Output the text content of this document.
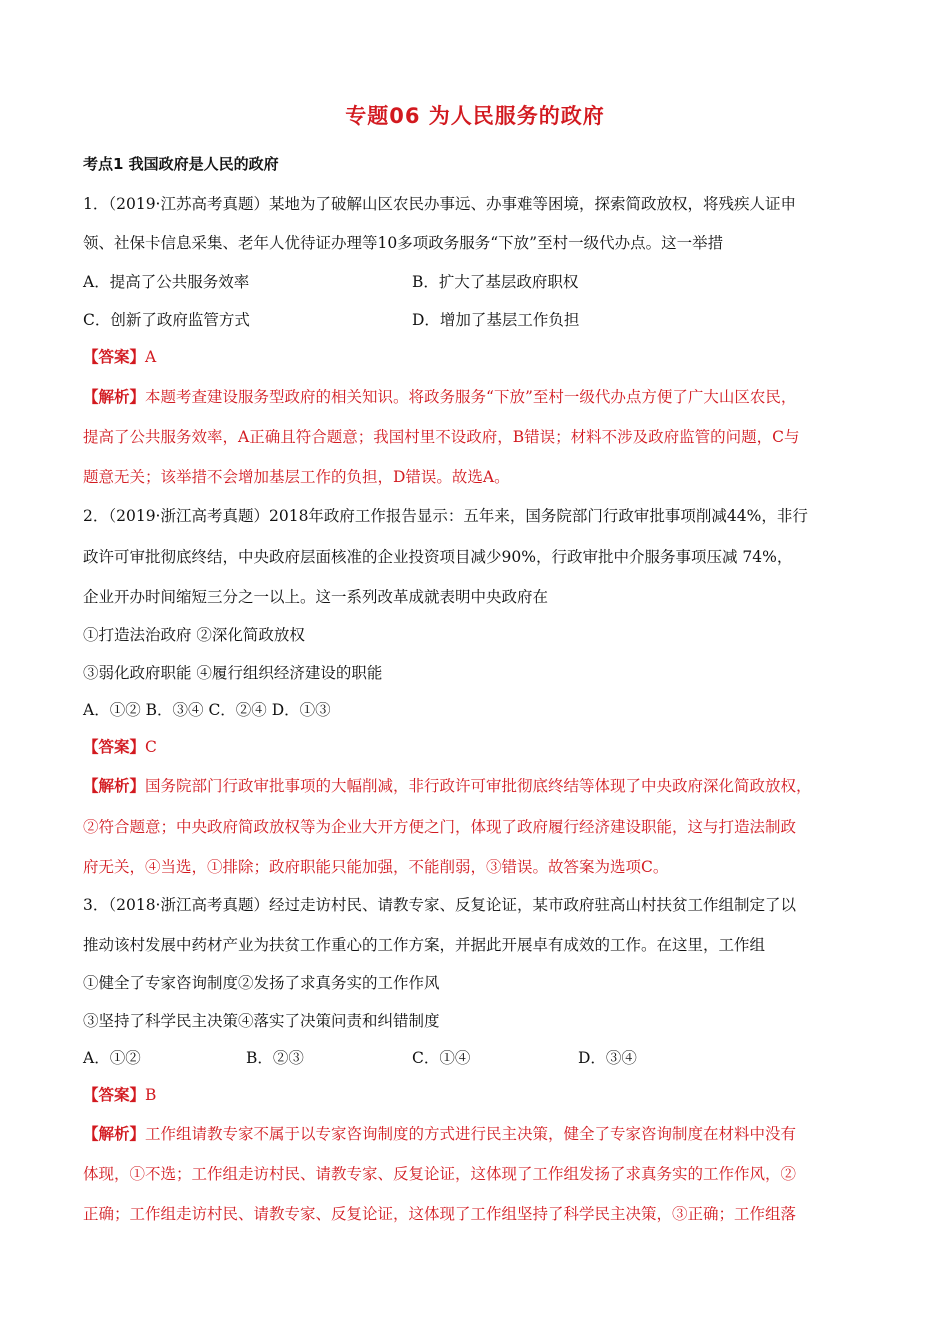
专题06 为人民服务的政府
考点1 我国政府是人民的政府
1．（2019·江苏高考真题）某地为了破解山区农民办事远、办事难等困境，探索简政放权，将残疾人证申
领、社保卡信息采集、老年人优待证办理等10多项政务服务“下放”至村一级代办点。这一举措
A．提高了公共服务效率	B．扩大了基层政府职权
C．创新了政府监管方式	D．增加了基层工作负担
【答案】A
【解析】本题考查建设服务型政府的相关知识。将政务服务“下放”至村一级代办点方便了广大山区农民，
提高了公共服务效率，A正确且符合题意；我国村里不设政府，B错误；材料不涉及政府监管的问题，C与
题意无关；该举措不会增加基层工作的负担，D错误。故选A。
2．（2019·浙江高考真题）2018年政府工作报告显示：五年来，国务院部门行政审批事项削减44%，非行
政许可审批彻底终结，中央政府层面核准的企业投资项目减少90%，行政审批中介服务事项压减 74%，
企业开办时间缩短三分之一以上。这一系列改革成就表明中央政府在
①打造法治政府 ②深化简政放权
③弱化政府职能 ④履行组织经济建设的职能
A．①② B．③④ C．②④ D．①③
【答案】C
【解析】国务院部门行政审批事项的大幅削减，非行政许可审批彻底终结等体现了中央政府深化简政放权，
②符合题意；中央政府简政放权等为企业大开方便之门，体现了政府履行经济建设职能，这与打造法制政
府无关，④当选，①排除；政府职能只能加强，不能削弱，③错误。故答案为选项C。
3．（2018·浙江高考真题）经过走访村民、请教专家、反复论证，某市政府驻高山村扶贫工作组制定了以
推动该村发展中药材产业为扶贫工作重心的工作方案，并据此开展卓有成效的工作。在这里，工作组
①健全了专家咨询制度②发扬了求真务实的工作作风
③坚持了科学民主决策④落实了决策问责和纠错制度
A．①②	B．②③	C．①④	D．③④
【答案】B
【解析】工作组请教专家不属于以专家咨询制度的方式进行民主决策，健全了专家咨询制度在材料中没有
体现，①不选；工作组走访村民、请教专家、反复论证，这体现了工作组发扬了求真务实的工作作风，②
正确；工作组走访村民、请教专家、反复论证，这体现了工作组坚持了科学民主决策，③正确；工作组落
